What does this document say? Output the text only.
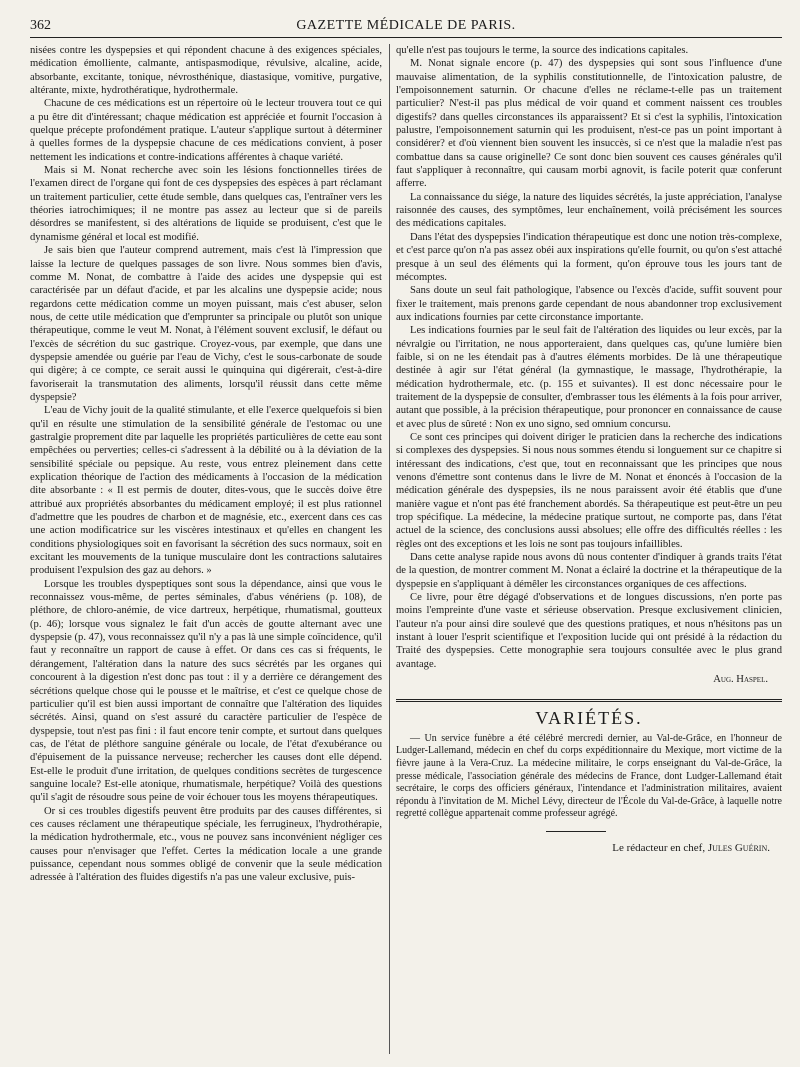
362	GAZETTE MÉDICALE DE PARIS.

nisées contre les dyspepsies et qui répondent chacune à des exigences spéciales, médication émolliente, calmante, antispasmodique, révulsive, alcaline, acide, absorbante, excitante, tonique, névrosthénique, diastasique, vomitive, purgative, altérante, mixte, hydrothératique, hydrothermale.

Chacune de ces médications est un répertoire où le lecteur trouvera tout ce qui a pu être dit d'intéressant; chaque médication est appréciée et fournit l'occasion à quelque précepte profondément pratique. L'auteur s'applique surtout à déterminer à quelles formes de la dyspepsie chacune de ces médications convient, à poser nettement les indications et contre-indications afférentes à chaque variété.

Mais si M. Nonat recherche avec soin les lésions fonctionnelles tirées de l'examen direct de l'organe qui font de ces dyspepsies des espèces à part réclamant un traitement particulier, cette étude semble, dans quelques cas, l'entraîner vers les théories iatrochimiques; il ne montre pas assez au lecteur que si de pareils désordres se manifestent, si des altérations de liquide se produisent, c'est que le dynamisme général et local est modifié.

Je sais bien que l'auteur comprend autrement, mais c'est là l'impression que laisse la lecture de quelques passages de son livre. Nous sommes bien d'avis, comme M. Nonat, de combattre à l'aide des acides une dyspepsie qui est caractérisée par un défaut d'acide, et par les alcalins une dyspepsie acide; nous regardons cette médication comme un moyen puissant, mais c'est abuser, selon nous, de cette utile médication que d'emprunter sa principale ou plutôt son unique thérapeutique, comme le veut M. Nonat, à l'élément souvent exclusif, le défaut ou l'excès de sécrétion du suc gastrique. Croyez-vous, par exemple, que dans une dyspepsie amendée ou guérie par l'eau de Vichy, c'est le sous-carbonate de soude qui digère; à ce compte, ce serait aussi le quinquina qui digérerait, c'est-à-dire favoriserait la transmutation des aliments, lorsqu'il réussit dans cette même dyspepsie?

L'eau de Vichy jouit de la qualité stimulante, et elle l'exerce quelquefois si bien qu'il en résulte une stimulation de la sensibilité générale de l'estomac ou une gastralgie proprement dite par laquelle les propriétés particulières de cette eau sont empêchées ou perverties; celles-ci s'adressent à la débilité ou à la déviation de la sensibilité spéciale ou pepsique. Au reste, vous entrez pleinement dans cette explication théorique de l'action des médicaments à l'occasion de la médication dite absorbante : « Il est permis de douter, dites-vous, que le succès doive être attribué aux propriétés absorbantes du médicament employé; il est plus rationnel d'admettre que les poudres de charbon et de magnésie, etc., exercent dans ces cas une action modificatrice sur les viscères intestinaux et qu'elles en changent les conditions physiologiques soit en favorisant la sécrétion des sucs normaux, soit en excitant les mouvements de la tunique musculaire dont les contractions salutaires produisent l'expulsion des gaz au dehors. »

Lorsque les troubles dyspeptiques sont sous la dépendance, ainsi que vous le reconnaissez vous-même, de pertes séminales, d'abus vénériens (p. 108), de pléthore, de chloro-anémie, de vice dartreux, herpétique, rhumatismal, goutteux (p. 46); lorsque vous signalez le fait d'un accès de goutte alternant avec une dyspepsie (p. 47), vous reconnaissez qu'il n'y a pas là une simple coïncidence, qu'il faut y reconnaître un rapport de cause à effet. Or dans ces cas si fréquents, le dérangement, l'altération dans la nature des sucs sécrétés par les organes qui concourent à la digestion n'est donc pas tout : il y a derrière ce dérangement des sécrétions quelque chose qui le pousse et le maîtrise, et c'est ce quelque chose de particulier qu'il est bien aussi important de connaître que l'altération des liquides sécrétés. Ainsi, quand on s'est assuré du caractère particulier de l'espèce de dyspepsie, tout n'est pas fini : il faut encore tenir compte, et surtout dans quelques cas, de l'état de pléthore sanguine générale ou locale, de l'état d'exubérance ou d'épuisement de la puissance nerveuse; rechercher les causes dont elle dépend. Est-elle le produit d'une irritation, de quelques conditions secrètes de turgescence sanguine locale? Est-elle atonique, rhumatismale, herpétique? Voilà des questions qu'il s'agit de résoudre sous peine de voir échouer tous les moyens thérapeutiques.

Or si ces troubles digestifs peuvent être produits par des causes différentes, si ces causes réclament une thérapeutique spéciale, les ferrugineux, l'hydrothérapie, la médication hydrothermale, etc., vous ne pouvez sans inconvénient négliger ces causes pour n'envisager que l'effet. Certes la médication locale a une grande puissance, cependant nous sommes obligé de convenir que la seule médication adressée à l'altération des fluides digestifs n'a pas une valeur exclusive, puis-

qu'elle n'est pas toujours le terme, la source des indications capitales.

M. Nonat signale encore (p. 47) des dyspepsies qui sont sous l'influence d'une mauvaise alimentation, de la syphilis constitutionnelle, de l'intoxication palustre, de l'empoisonnement saturnin. Or chacune d'elles ne réclame-t-elle pas un traitement particulier? N'est-il pas plus médical de voir quand et comment naissent ces troubles digestifs? dans quelles circonstances ils apparaissent? Et si c'est la syphilis, l'intoxication palustre, l'empoisonnement saturnin qui les produisent, n'est-ce pas un point important à considérer? et d'où viennent bien souvent les insuccès, si ce n'est que la maladie n'est pas combattue dans sa cause originelle? Ce sont donc bien souvent ces causes générales qu'il faut s'appliquer à reconnaître, qui causam morbi agnovit, is facile poterit quæ conferunt afferre.

La connaissance du siége, la nature des liquides sécrétés, la juste appréciation, l'analyse raisonnée des causes, des symptômes, leur enchaînement, voilà précisément les sources des médications capitales.

Dans l'état des dyspepsies l'indication thérapeutique est donc une notion très-complexe, et c'est parce qu'on n'a pas assez obéi aux inspirations qu'elle fournit, ou qu'on s'est attaché presque à un seul des éléments qui la forment, qu'on éprouve tous les jours tant de mécomptes.

Sans doute un seul fait pathologique, l'absence ou l'excès d'acide, suffit souvent pour fixer le traitement, mais prenons garde cependant de nous abandonner trop exclusivement aux indications fournies par cette circonstance importante.

Les indications fournies par le seul fait de l'altération des liquides ou leur excès, par la névralgie ou l'irritation, ne nous apporteraient, dans quelques cas, qu'une lumière bien faible, si on ne les étendait pas à d'autres éléments morbides. De là une thérapeutique destinée à agir sur l'état général (la gymnastique, le massage, l'hydrothérapie, la médication hydrothermale, etc. (p. 155 et suivantes). Il est donc nécessaire pour le traitement de la dyspepsie de consulter, d'embrasser tous les éléments à la fois pour arriver, autant que possible, à la précision thérapeutique, pour prononcer en connaissance de cause et avec plus de sûreté : Non ex uno signo, sed omnium concursu.

Ce sont ces principes qui doivent diriger le praticien dans la recherche des indications si complexes des dyspepsies. Si nous nous sommes étendu si longuement sur ce chapitre si intéressant des indications, c'est que, tout en reconnaissant que les principes que nous venons d'émettre sont contenus dans le livre de M. Nonat et énoncés à l'occasion de la médication générale des dyspepsies, ils ne nous paraissent avoir été établis que d'une manière vague et n'ont pas été franchement abordés. Sa thérapeutique est peut-être un peu trop spécifique. La médecine, la médecine pratique surtout, ne comporte pas, dans l'état actuel de la science, des conclusions aussi absolues; elle offre des difficultés réelles : les règles ont des exceptions et les lois ne sont pas toujours infaillibles.

Dans cette analyse rapide nous avons dû nous contenter d'indiquer à grands traits l'état de la question, de montrer comment M. Nonat a éclairé la doctrine et la thérapeutique de la dyspepsie en s'appliquant à démêler les circonstances organiques de ces affections.

Ce livre, pour être dégagé d'observations et de longues discussions, n'en porte pas moins l'empreinte d'une vaste et sérieuse observation. Presque exclusivement clinicien, l'auteur n'a pour ainsi dire soulevé que des questions pratiques, et nous n'hésitons pas un instant à louer l'esprit scientifique et l'exposition lucide qui ont présidé à la rédaction du Traité des dyspepsies. Cette monographie sera toujours consultée avec le plus grand avantage.

Aug. Haspel.
VARIÉTÉS.

— Un service funèbre a été célébré mercredi dernier, au Val-de-Grâce, en l'honneur de Ludger-Lallemand, médecin en chef du corps expéditionnaire du Mexique, mort victime de la fièvre jaune à la Vera-Cruz. La médecine militaire, le corps enseignant du Val-de-Grâce, la presse médicale, l'association générale des médecins de France, dont Ludger-Lallemand était secrétaire, le corps des officiers généraux, l'intendance et l'administration militaires, avaient répondu à l'invitation de M. Michel Lévy, directeur de l'École du Val-de-Grâce, à laquelle notre regretté collègue appartenait comme professeur agrégé.

Le rédacteur en chef, Jules Guérin.
